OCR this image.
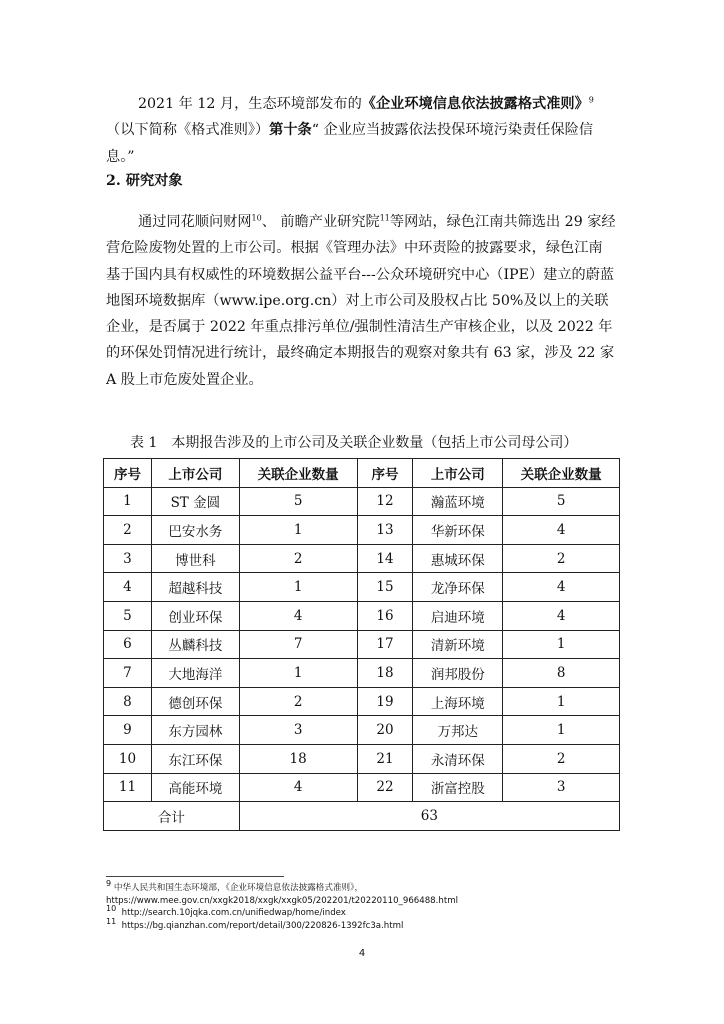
2021 年 12 月，生态环境部发布的《企业环境信息依法披露格式准则》$^9$（以下简称《格式准则》）第十条“ 企业应当披露依法投保环境污染责任保险信息。”

2. 研究对象

通过同花顺问财网$^{10}$、 前瞻产业研究院$^{11}$等网站，绿色江南共筛选出 29 家经营危险废物处置的上市公司。根据《管理办法》中环责险的披露要求，绿色江南基于国内具有权威性的环境数据公益平台---公众环境研究中心（IPE）建立的蔚蓝地图环境数据库（www.ipe.org.cn）对上市公司及股权占比 50%及以上的关联企业，是否属于 2022 年重点排污单位/强制性清洁生产审核企业，以及 2022 年的环保处罚情况进行统计，最终确定本期报告的观察对象共有 63 家，涉及 22 家 A 股上市危废处置企业。

表 1　本期报告涉及的上市公司及关联企业数量（包括上市公司母公司）

序号	上市公司	关联企业数量	序号	上市公司	关联企业数量
1	ST 金圆	5	12	瀚蓝环境	5
2	巴安水务	1	13	华新环保	4
3	博世科	2	14	惠城环保	2
4	超越科技	1	15	龙净环保	4
5	创业环保	4	16	启迪环境	4
6	丛麟科技	7	17	清新环境	1
7	大地海洋	1	18	润邦股份	8
8	德创环保	2	19	上海环境	1
9	东方园林	3	20	万邦达	1
10	东江环保	18	21	永清环保	2
11	高能环境	4	22	浙富控股	3
合计		63			
$^9$ 中华人民共和国生态环境部，《企业环境信息依法披露格式准则》，
https://www.mee.gov.cn/xxgk2018/xxgk/xxgk05/202201/t20220110_966488.html
$^{10}$ http://search.10jqka.com.cn/unifiedwap/home/index
$^{11}$ https://bg.qianzhan.com/report/detail/300/220826-1392fc3a.html
4
